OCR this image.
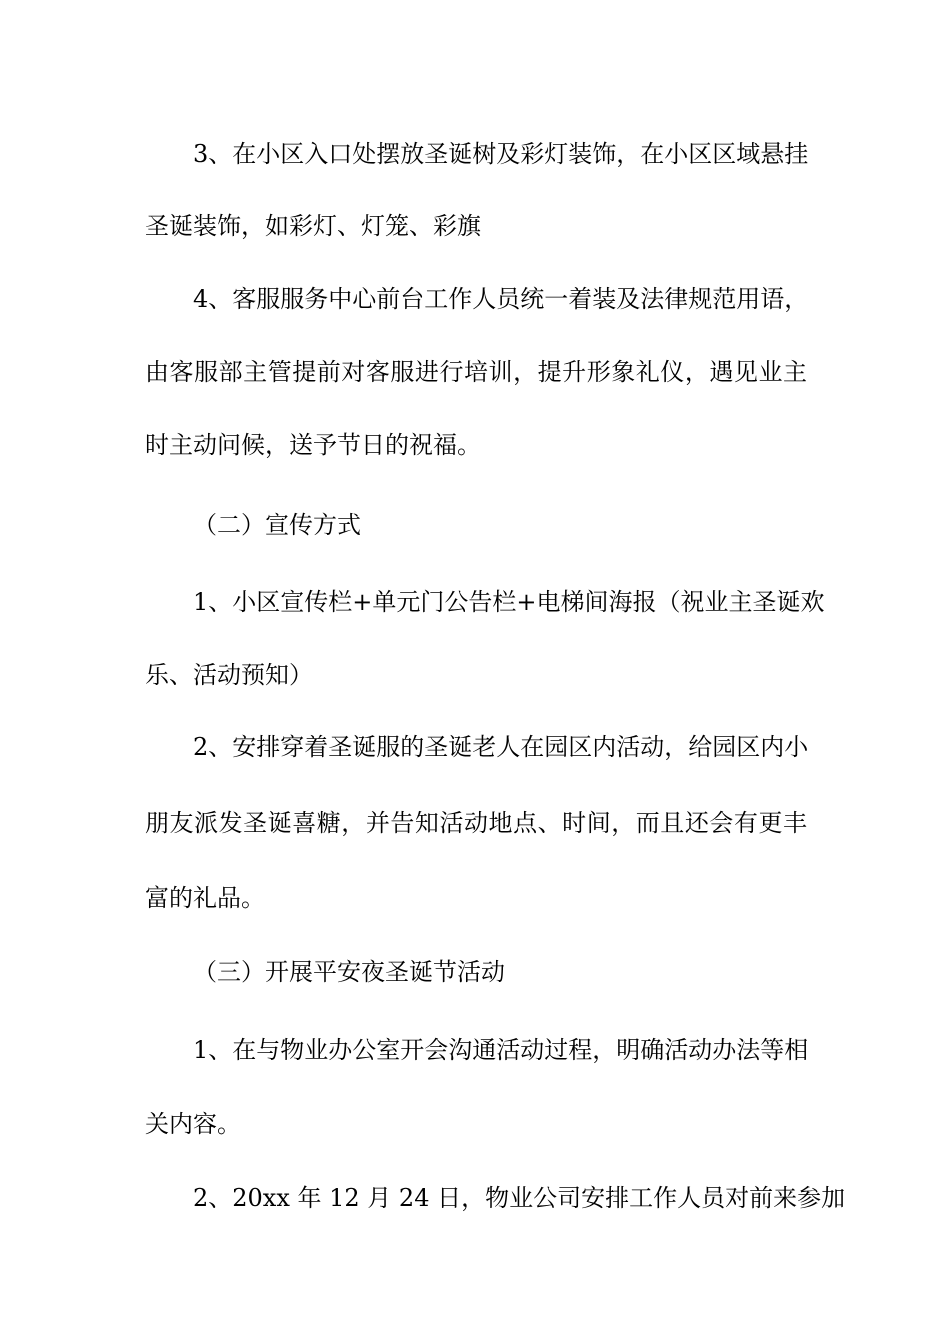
3、在小区入口处摆放圣诞树及彩灯装饰，在小区区域悬挂
圣诞装饰，如彩灯、灯笼、彩旗
4、客服服务中心前台工作人员统一着装及法律规范用语，
由客服部主管提前对客服进行培训，提升形象礼仪，遇见业主
时主动问候，送予节日的祝福。
（二）宣传方式
1、小区宣传栏+单元门公告栏+电梯间海报（祝业主圣诞欢
乐、活动预知）
2、安排穿着圣诞服的圣诞老人在园区内活动，给园区内小
朋友派发圣诞喜糖，并告知活动地点、时间，而且还会有更丰
富的礼品。
（三）开展平安夜圣诞节活动
1、在与物业办公室开会沟通活动过程，明确活动办法等相
关内容。
2、20xx 年 12 月 24 日，物业公司安排工作人员对前来参加
